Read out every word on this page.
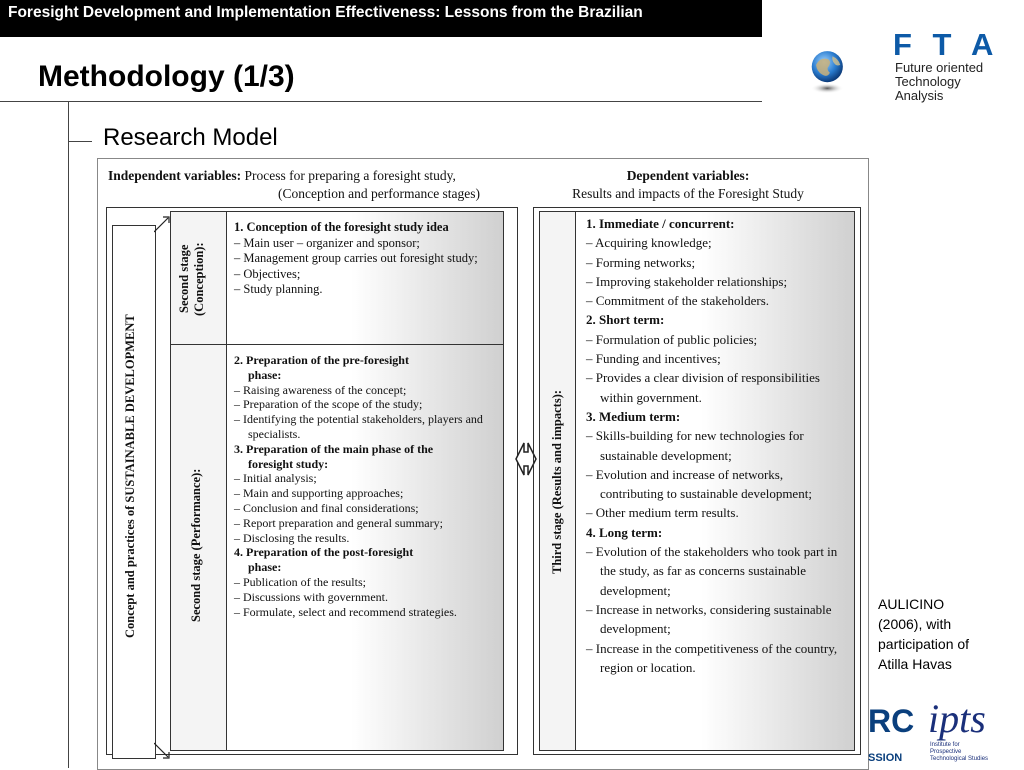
Foresight Development and Implementation Effectiveness: Lessons from the Brazilian
Methodology (1/3)
Research Model
F T A
Future oriented
Technology
Analysis
Independent variables: Process for preparing a foresight study,
(Conception and performance stages)
Dependent variables:
Results and impacts of the Foresight Study
Concept and practices of SUSTAINABLE DEVELOPMENT
Second stage
(Conception):
1. Conception of the foresight study idea
– Main user – organizer and sponsor;
– Management group carries out foresight study;
– Objectives;
– Study planning.
Second stage (Performance):
2. Preparation of the pre-foresight
phase:
– Raising awareness of the concept;
– Preparation of the scope of the study;
– Identifying the potential stakeholders, players and specialists.
3. Preparation of the main phase of the
foresight study:
– Initial analysis;
– Main and supporting approaches;
– Conclusion and final considerations;
– Report preparation and general summary;
– Disclosing the results.
4. Preparation of the post-foresight
phase:
– Publication of the results;
– Discussions with government.
– Formulate, select and recommend strategies.
Third stage (Results and impacts):
1. Immediate / concurrent:
– Acquiring knowledge;
– Forming networks;
– Improving stakeholder relationships;
– Commitment of the stakeholders.
2. Short term:
– Formulation of public policies;
– Funding and incentives;
– Provides a clear division of responsibilities within government.
3. Medium term:
– Skills-building for new technologies for sustainable development;
– Evolution and increase of networks, contributing to sustainable development;
– Other medium term results.
4. Long term:
– Evolution of the stakeholders who took part in the study, as far as concerns sustainable development;
– Increase in networks, considering sustainable development;
– Increase in the competitiveness of the country, region or location.
AULICINO
(2006), with
participation of
Atilla Havas
RC
SSION
ipts
Institute for
Prospective
Technological Studies
